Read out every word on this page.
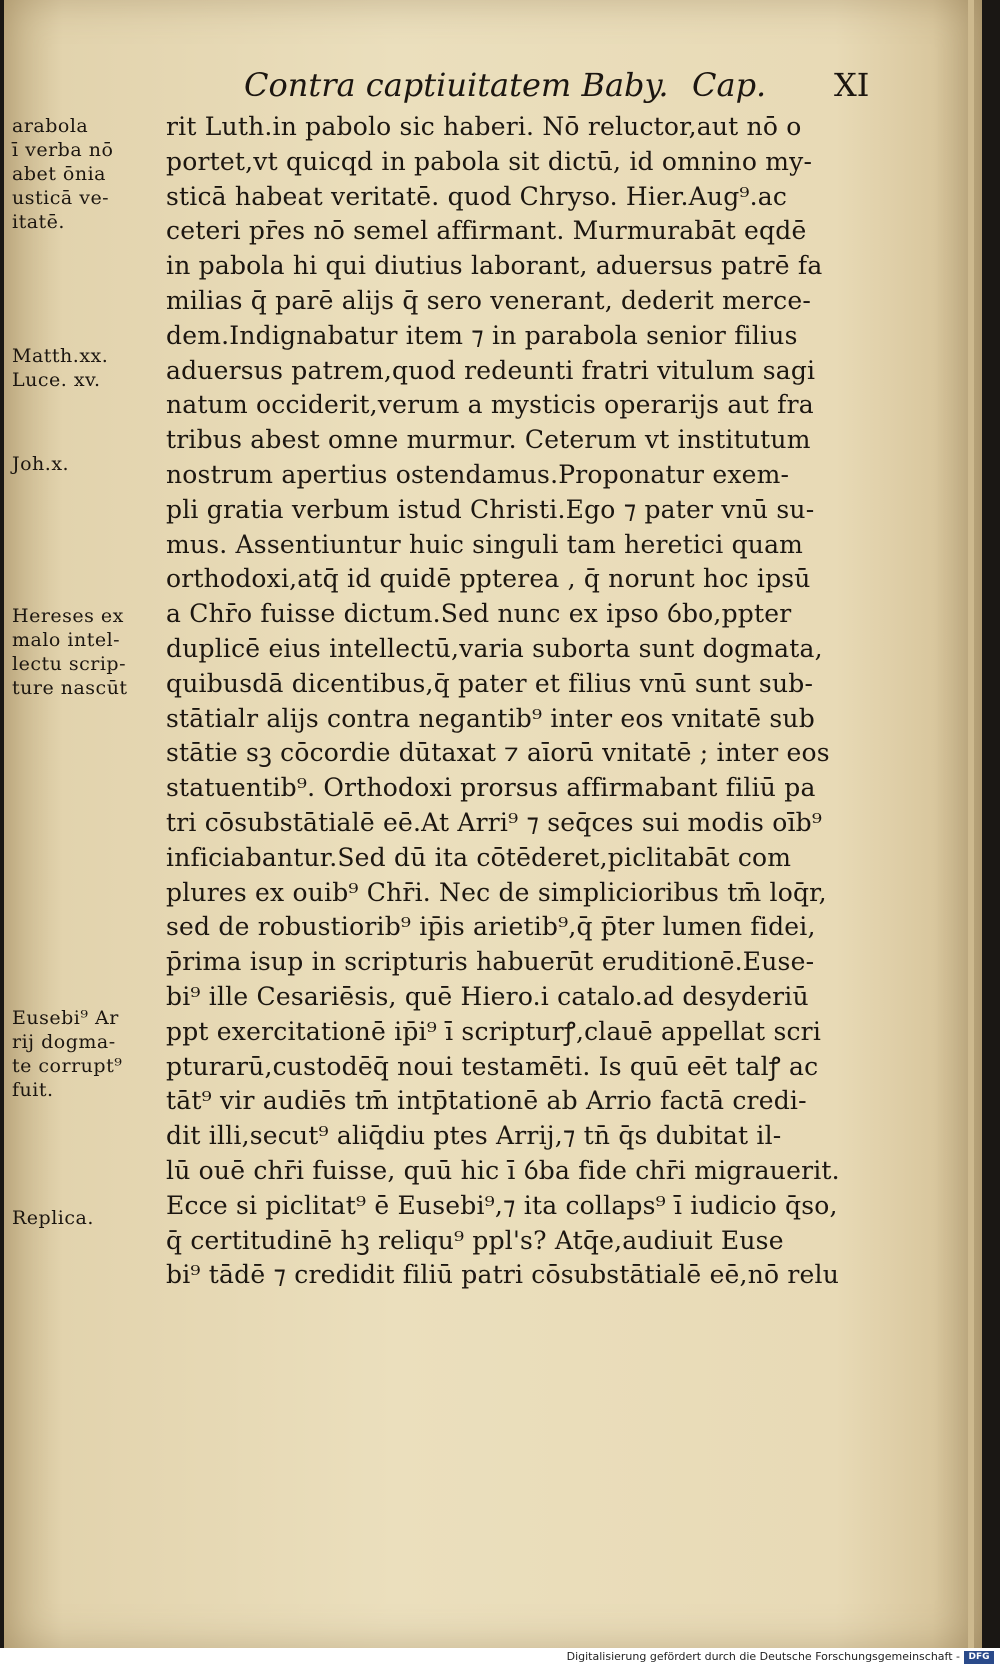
Contra captiuitatem Baby. Cap. XI
arabola
ī verba nō
abet ōnia
usticā ve-
itatē.
Matth.xx.
Luce. xv.
Joh.x.
Hereses ex
malo intel-
lectu scrip-
ture nascūt
Eusebi⁹ Ar
rij dogma-
te corrupt⁹
fuit.
Replica.
rit Luth.in pabolo sic haberi. Nō reluctor,aut nō o
portet,vt quicqd in pabola sit dictū, id omnino my-
sticā habeat veritatē. quod Chryso. Hier.Aug⁹.ac
ceteri pr̄es nō semel affirmant. Murmurabāt eqdē
in pabola hi qui diutius laborant, aduersus patrē fa
milias q̄ parē alijs q̄ sero venerant, dederit merce-
dem.Indignabatur item ⁊ in parabola senior filius
aduersus patrem,quod redeunti fratri vitulum sagi
natum occiderit,verum a mysticis operarijs aut fra
tribus abest omne murmur. Ceterum vt institutum
nostrum apertius ostendamus.Proponatur exem-
pli gratia verbum istud Christi.Ego ⁊ pater vnū su-
mus. Assentiuntur huic singuli tam heretici quam
orthodoxi,atq̄ id quidē ppterea , q̄ norunt hoc ipsū
a Chr̄o fuisse dictum.Sed nunc ex ipso ỽbo,ppter
duplicē eius intellectū,varia suborta sunt dogmata,
quibusdā dicentibus,q̄ pater et filius vnū sunt sub-
stātialr alijs contra negantib⁹ inter eos vnitatē sub
stātie sꝫ cōcordie dūtaxat ⁊ aīorū vnitatē ; inter eos
statuentib⁹. Orthodoxi prorsus affirmabant filiū pa
tri cōsubstātialē eē.At Arri⁹ ⁊ seq̄ces sui modis oīb⁹
inficiabantur.Sed dū ita cōtēderet,piclitabāt com
plures ex ouib⁹ Chr̄i. Nec de simplicioribus tm̄ loq̄r,
sed de robustiorib⁹ ip̄is arietib⁹,q̄ p̄ter lumen fidei,
p̄rima isup in scripturis habuerūt eruditionē.Euse-
bi⁹ ille Cesariēsis, quē Hiero.i catalo.ad desyderiū
ppt exercitationē ip̄i⁹ ī scripturꝭ,clauē appellat scri
pturarū,custodēq̄ noui testamēti. Is quū eēt talꝭ ac
tāt⁹ vir audiēs tm̄ intp̄tationē ab Arrio factā credi-
dit illi,secut⁹ aliq̄diu ptes Arrij,⁊ tn̄ q̄s dubitat il-
lū ouē chr̄i fuisse, quū hic ī ỽba fide chr̄i migrauerit.
Ecce si piclitat⁹ ē Eusebi⁹,⁊ ita collaps⁹ ī iudicio q̄so,
q̄ certitudinē hꝫ reliqu⁹ ppl's? Atq̄e,audiuit Euse
bi⁹ tādē ⁊ credidit filiū patri cōsubstātialē eē,nō relu
Digitalisierung gefördert durch die Deutsche Forschungsgemeinschaft - DFG
